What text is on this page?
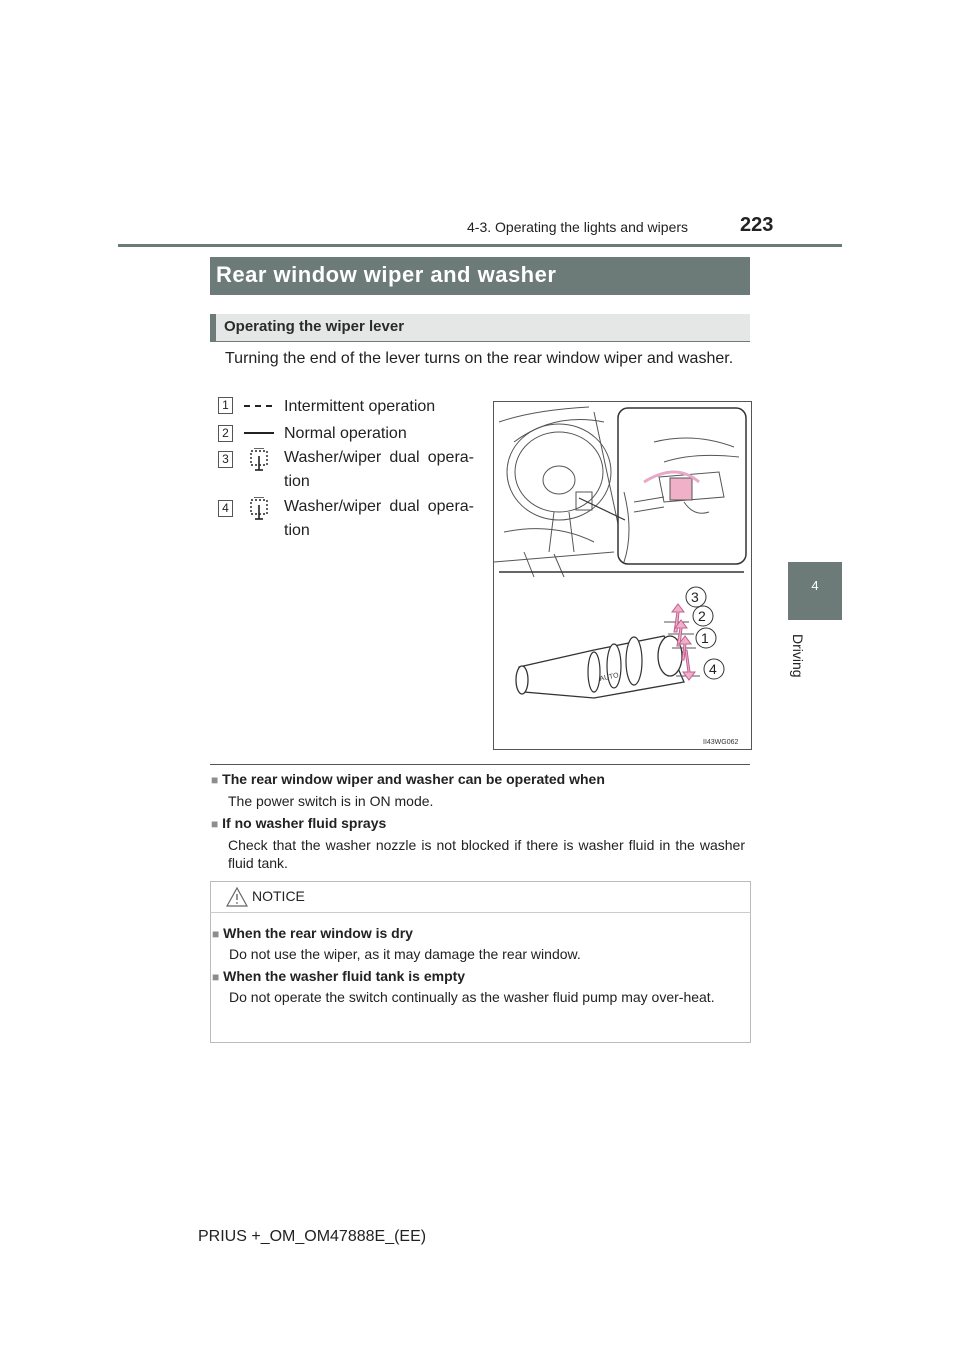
4-3. Operating the lights and wipers	223
4
Driving
Rear window wiper and washer
Operating the wiper lever
Turning the end of the lever turns on the rear window wiper and washer.
1	Intermittent operation
2	Normal operation
3	Washer/wiper dual opera-tion
4	Washer/wiper dual opera-tion
AUTO
3
2
1
4
II43WG062
■ The rear window wiper and washer can be operated when
The power switch is in ON mode.
■ If no washer fluid sprays
Check that the washer nozzle is not blocked if there is washer fluid in the washer fluid tank.
NOTICE
■ When the rear window is dry
Do not use the wiper, as it may damage the rear window.
■ When the washer fluid tank is empty
Do not operate the switch continually as the washer fluid pump may over-heat.
PRIUS +_OM_OM47888E_(EE)
